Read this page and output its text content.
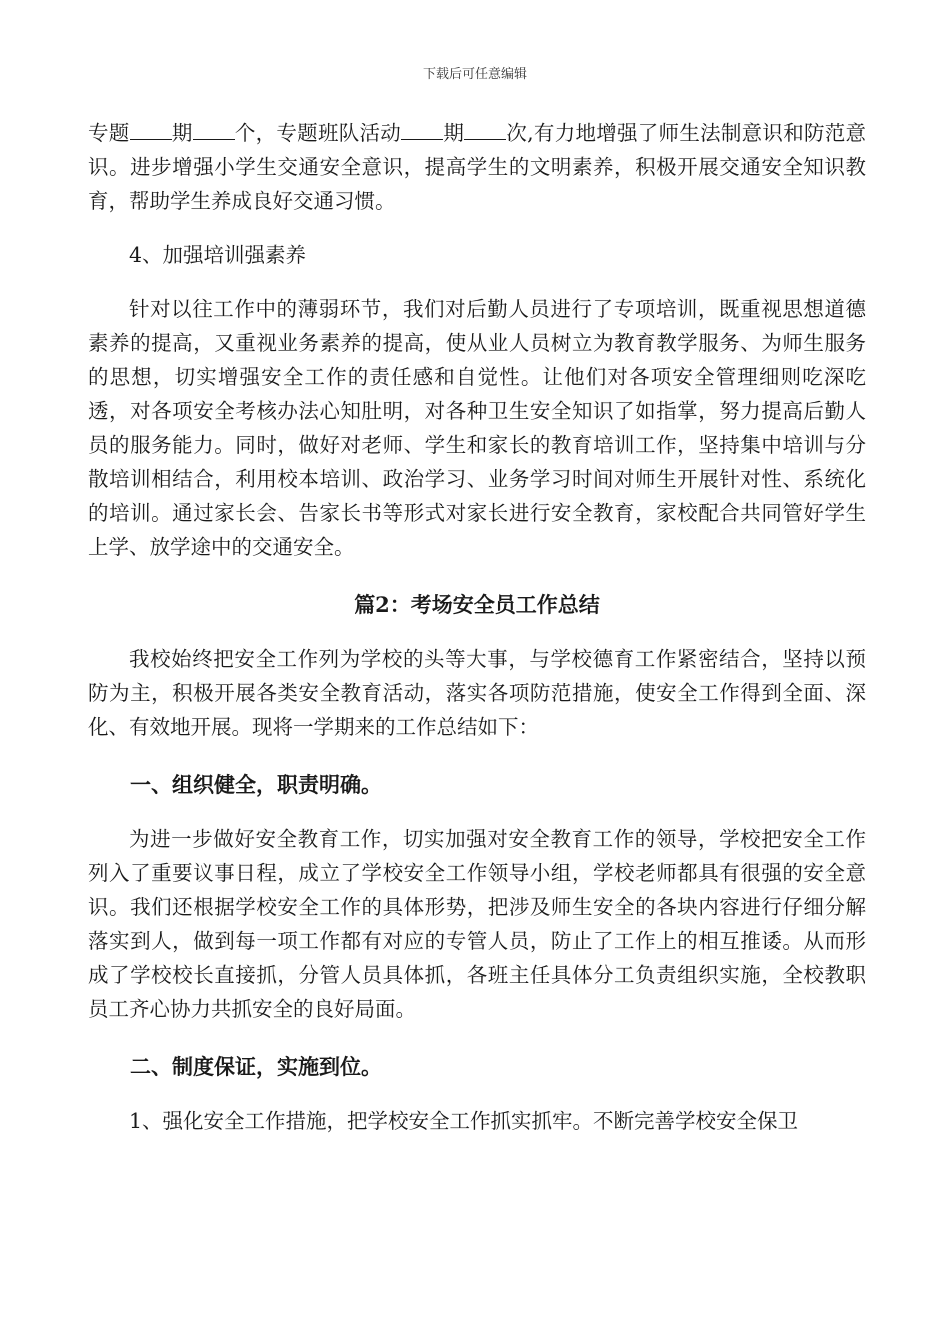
下载后可任意编辑

专题 期 个，专题班队活动 期 次,有力地增强了师生法制意识和防范意识。进步增强小学生交通安全意识，提高学生的文明素养，积极开展交通安全知识教育，帮助学生养成良好交通习惯。

4、加强培训强素养

针对以往工作中的薄弱环节，我们对后勤人员进行了专项培训，既重视思想道德素养的提高，又重视业务素养的提高，使从业人员树立为教育教学服务、为师生服务的思想，切实增强安全工作的责任感和自觉性。让他们对各项安全管理细则吃深吃透，对各项安全考核办法心知肚明，对各种卫生安全知识了如指掌，努力提高后勤人员的服务能力。同时，做好对老师、学生和家长的教育培训工作，坚持集中培训与分散培训相结合，利用校本培训、政治学习、业务学习时间对师生开展针对性、系统化的培训。通过家长会、告家长书等形式对家长进行安全教育，家校配合共同管好学生上学、放学途中的交通安全。

篇2：考场安全员工作总结

我校始终把安全工作列为学校的头等大事，与学校德育工作紧密结合，坚持以预防为主，积极开展各类安全教育活动，落实各项防范措施，使安全工作得到全面、深化、有效地开展。现将一学期来的工作总结如下：

一、组织健全，职责明确。

为进一步做好安全教育工作，切实加强对安全教育工作的领导，学校把安全工作列入了重要议事日程，成立了学校安全工作领导小组，学校老师都具有很强的安全意识。我们还根据学校安全工作的具体形势，把涉及师生安全的各块内容进行仔细分解落实到人，做到每一项工作都有对应的专管人员，防止了工作上的相互推诿。从而形成了学校校长直接抓，分管人员具体抓，各班主任具体分工负责组织实施，全校教职员工齐心协力共抓安全的良好局面。

二、制度保证，实施到位。

1、强化安全工作措施，把学校安全工作抓实抓牢。不断完善学校安全保卫
